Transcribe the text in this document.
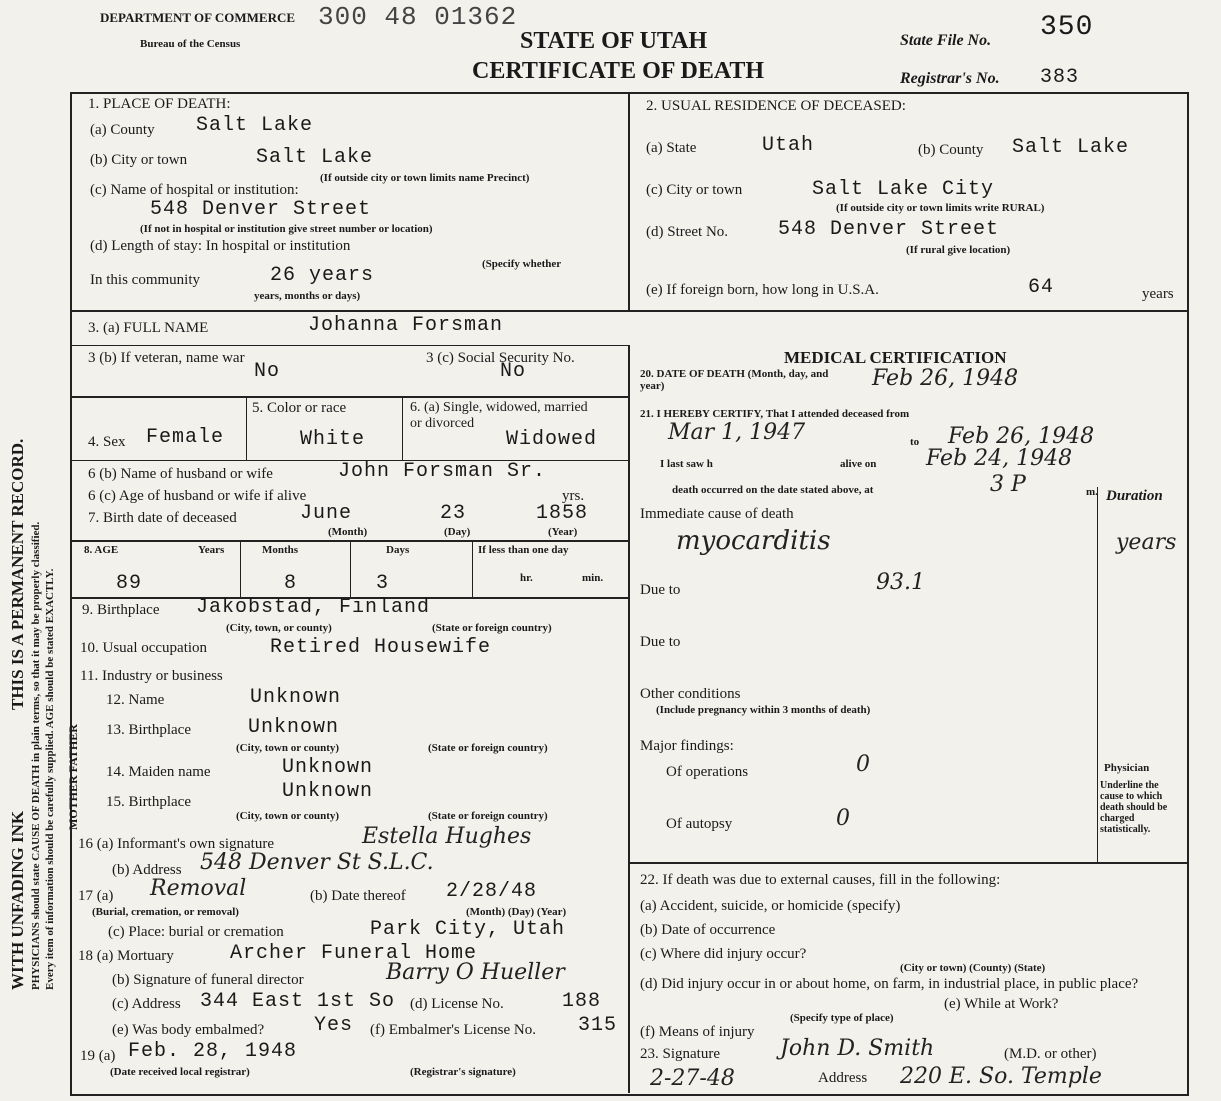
THIS IS A PERMANENT RECORD.
WITH UNFADING INK PHYSICIANS should state CAUSE OF DEATH in plain terms, so that it may be properly classified. Every item of information should be carefully supplied. AGE should be stated EXACTLY.
DEPARTMENT OF COMMERCE
Bureau of the Census
300 48 01362
STATE OF UTAH
CERTIFICATE OF DEATH
State File No. 350
Registrar's No. 383
1. PLACE OF DEATH:
(a) County Salt Lake
(b) City or town	Salt Lake
(If outside city or town limits name Precinct)
(c) Name of hospital or institution:
548 Denver Street
(If not in hospital or institution give street number or location)
(d) Length of stay: In hospital or institution
(Specify whether
In this community	26 years
years, months or days)
2. USUAL RESIDENCE OF DECEASED:
(a) State	Utah	(b) County Salt Lake
(c) City or town	Salt Lake City
(If outside city or town limits write RURAL)
(d) Street No. 548 Denver Street
(If rural give location)
(e) If foreign born, how long in U.S.A.	64	years
3. (a) FULL NAME	Johanna Forsman
3 (b) If veteran, name war
No
3 (c) Social Security No.
No
4. Sex Female
5. Color or race
White
6. (a) Single, widowed, married or divorced
Widowed
6 (b) Name of husband or wife	John Forsman Sr.
6 (c) Age of husband or wife if alive	yrs.
7. Birth date of deceased	June	23	1858
(Month)	(Day)	(Year)
8. AGE	Years	Months	Days	If less than one day
89	8	3	hr.	min.
9. Birthplace Jakobstad, Finland
(City, town, or county)	(State or foreign country)
10. Usual occupation	Retired Housewife
11. Industry or business
MOTHER FATHER
12. Name	Unknown
13. Birthplace	Unknown
(City, town or county)	(State or foreign country)
14. Maiden name	Unknown
15. Birthplace	Unknown
(City, town or county)	(State or foreign country)
16 (a) Informant's own signature	Estella Hughes
(b) Address 548 Denver St S.L.C.
17 (a) Removal
(Burial, cremation, or removal)
(b) Date thereof 2/28/48
(Month) (Day) (Year)
(c) Place: burial or cremation	Park City, Utah
18 (a) Mortuary	Archer Funeral Home
(b) Signature of funeral director	Barry O Hueller
(c) Address 344 East 1st So (d) License No.	188
(e) Was body embalmed? Yes (f) Embalmer's License No. 315
19 (a) Feb. 28, 1948
(Date received local registrar)	(Registrar's signature)
MEDICAL CERTIFICATION
20. DATE OF DEATH (Month, day, and year)	Feb 26, 1948
21. I HEREBY CERTIFY, That I attended deceased from
Mar 1, 1947	to Feb 26, 1948
I last saw h	alive on Feb 24, 1948
death occurred on the date stated above, at	3 P	m. Duration
Immediate cause of death
myocarditis	years
Due to	93.1
Due to
Other conditions
(Include pregnancy within 3 months of death)
Major findings:
Of operations	0
Of autopsy	0
Physician
Underline the cause to which death should be charged statistically.
22. If death was due to external causes, fill in the following:
(a) Accident, suicide, or homicide (specify)
(b) Date of occurrence
(c) Where did injury occur?
(City or town) (County) (State)
(d) Did injury occur in or about home, on farm, in industrial place, in public place?
(Specify type of place)
(e) While at Work?
(f) Means of injury
23. Signature	John D. Smith	(M.D. or other)
2-27-48	Address 220 E. So. Temple
